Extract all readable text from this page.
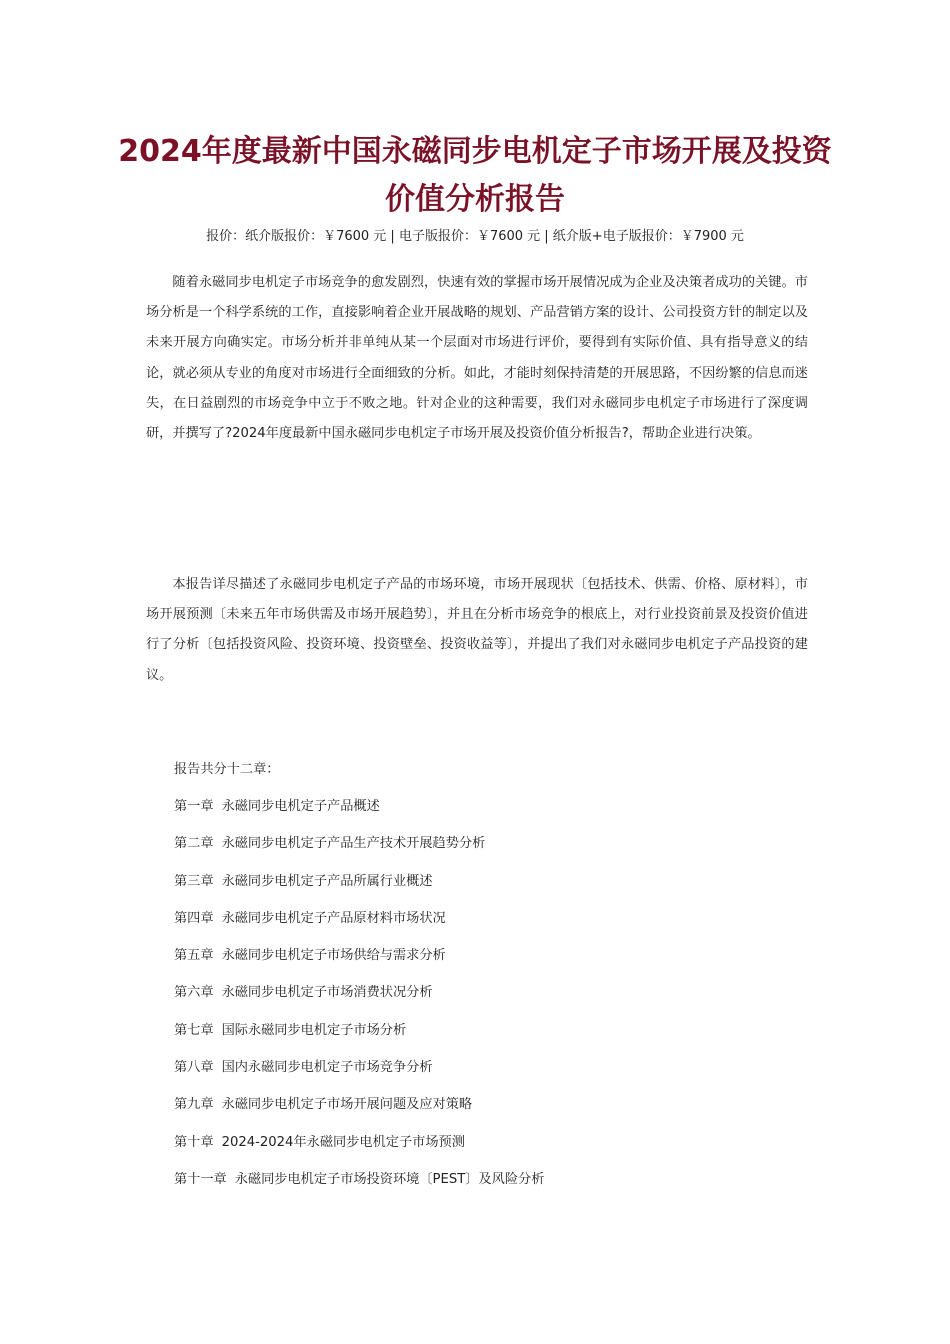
2024年度最新中国永磁同步电机定子市场开展及投资价值分析报告
报价：纸介版报价：￥7600 元 | 电子版报价：￥7600 元 | 纸介版+电子版报价：￥7900 元

随着永磁同步电机定子市场竞争的愈发剧烈，快速有效的掌握市场开展情况成为企业及决策者成功的关键。市场分析是一个科学系统的工作，直接影响着企业开展战略的规划、产品营销方案的设计、公司投资方针的制定以及未来开展方向确实定。市场分析并非单纯从某一个层面对市场进行评价，要得到有实际价值、具有指导意义的结论，就必须从专业的角度对市场进行全面细致的分析。如此，才能时刻保持清楚的开展思路，不因纷繁的信息而迷失，在日益剧烈的市场竞争中立于不败之地。针对企业的这种需要，我们对永磁同步电机定子市场进行了深度调研，并撰写了?2024年度最新中国永磁同步电机定子市场开展及投资价值分析报告?，帮助企业进行决策。

本报告详尽描述了永磁同步电机定子产品的市场环境，市场开展现状〔包括技术、供需、价格、原材料〕，市场开展预测〔未来五年市场供需及市场开展趋势〕，并且在分析市场竞争的根底上，对行业投资前景及投资价值进行了分析〔包括投资风险、投资环境、投资壁垒、投资收益等〕，并提出了我们对永磁同步电机定子产品投资的建议。

报告共分十二章：
第一章 永磁同步电机定子产品概述
第二章 永磁同步电机定子产品生产技术开展趋势分析
第三章 永磁同步电机定子产品所属行业概述
第四章 永磁同步电机定子产品原材料市场状况
第五章 永磁同步电机定子市场供给与需求分析
第六章 永磁同步电机定子市场消费状况分析
第七章 国际永磁同步电机定子市场分析
第八章 国内永磁同步电机定子市场竞争分析
第九章 永磁同步电机定子市场开展问题及应对策略
第十章 2024-2024年永磁同步电机定子市场预测
第十一章 永磁同步电机定子市场投资环境〔PEST〕及风险分析
